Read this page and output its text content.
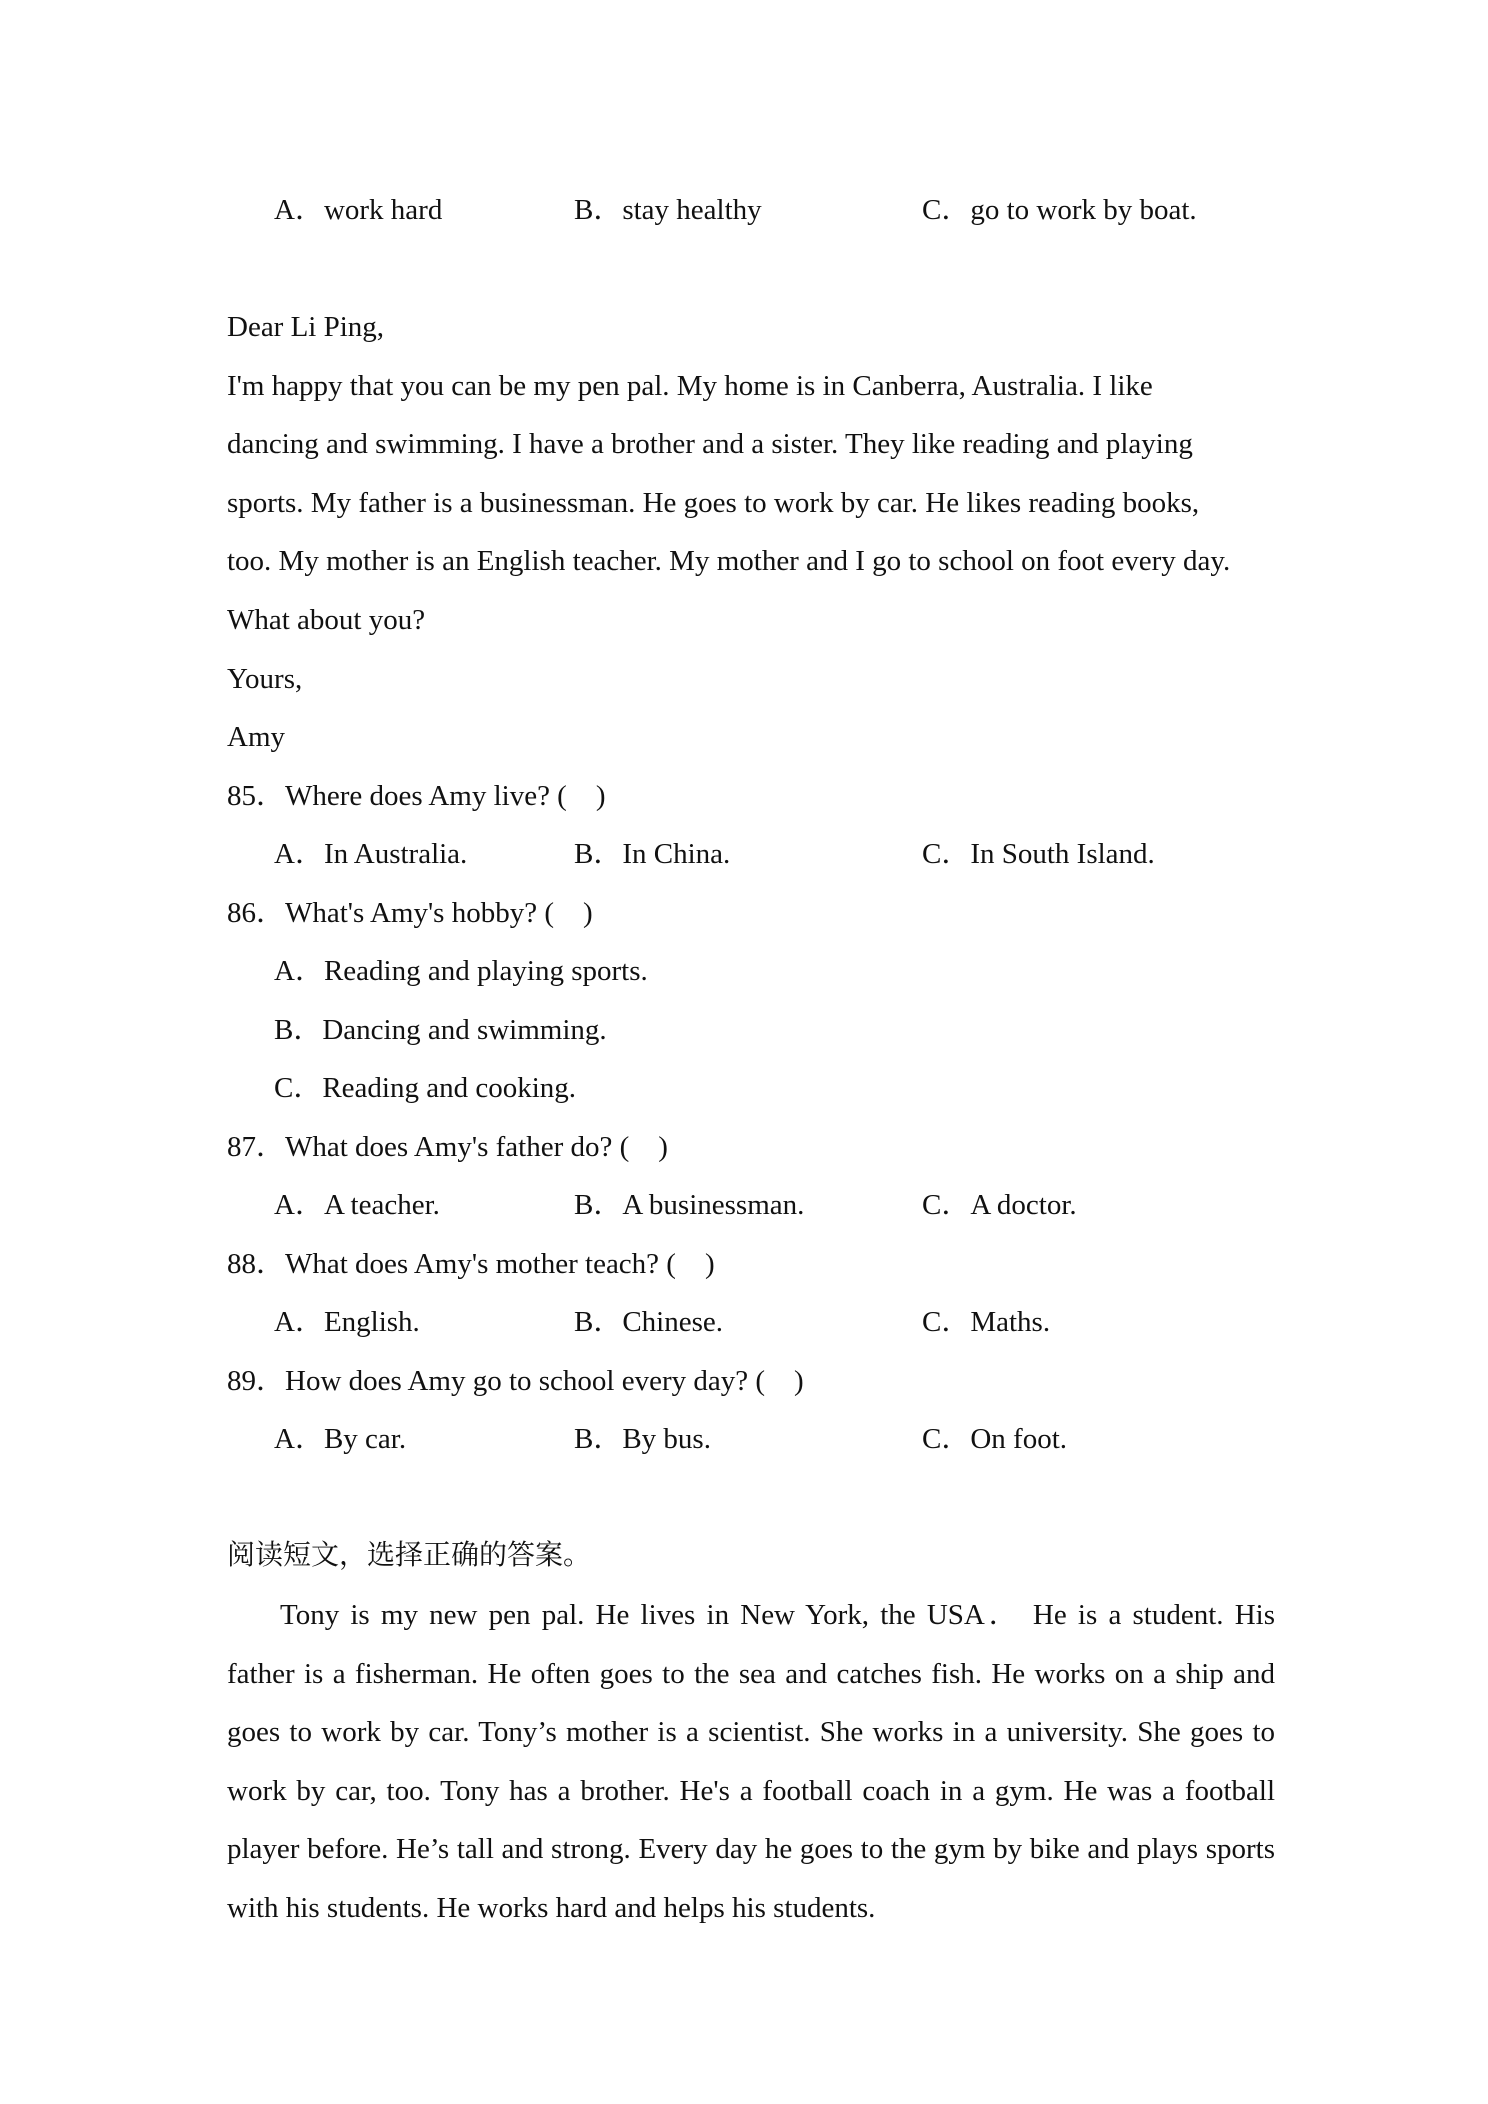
A．work hard	B．stay healthy	C．go to work by boat.
Dear Li Ping,
I'm happy that you can be my pen pal. My home is in Canberra, Australia. I like
dancing and swimming. I have a brother and a sister. They like reading and playing
sports. My father is a businessman. He goes to work by car. He likes reading books,
too. My mother is an English teacher. My mother and I go to school on foot every day.
What about you?
Yours,
Amy
85．Where does Amy live? (    )
A．In Australia.	B．In China.	C．In South Island.
86．What's Amy's hobby? (    )
A．Reading and playing sports.
B．Dancing and swimming.
C．Reading and cooking.
87．What does Amy's father do? (    )
A．A teacher.	B．A businessman.	C．A doctor.
88．What does Amy's mother teach? (    )
A．English.	B．Chinese.	C．Maths.
89．How does Amy go to school every day? (    )
A．By car.	B．By bus.	C．On foot.
阅读短文，选择正确的答案。
Tony is my new pen pal. He lives in New York, the USA． He is a student. His father is a fisherman. He often goes to the sea and catches fish. He works on a ship and goes to work by car. Tony’s mother is a scientist. She works in a university. She goes to work by car, too. Tony has a brother. He's a football coach in a gym. He was a football player before. He’s tall and strong. Every day he goes to the gym by bike and plays sports with his students. He works hard and helps his students.
